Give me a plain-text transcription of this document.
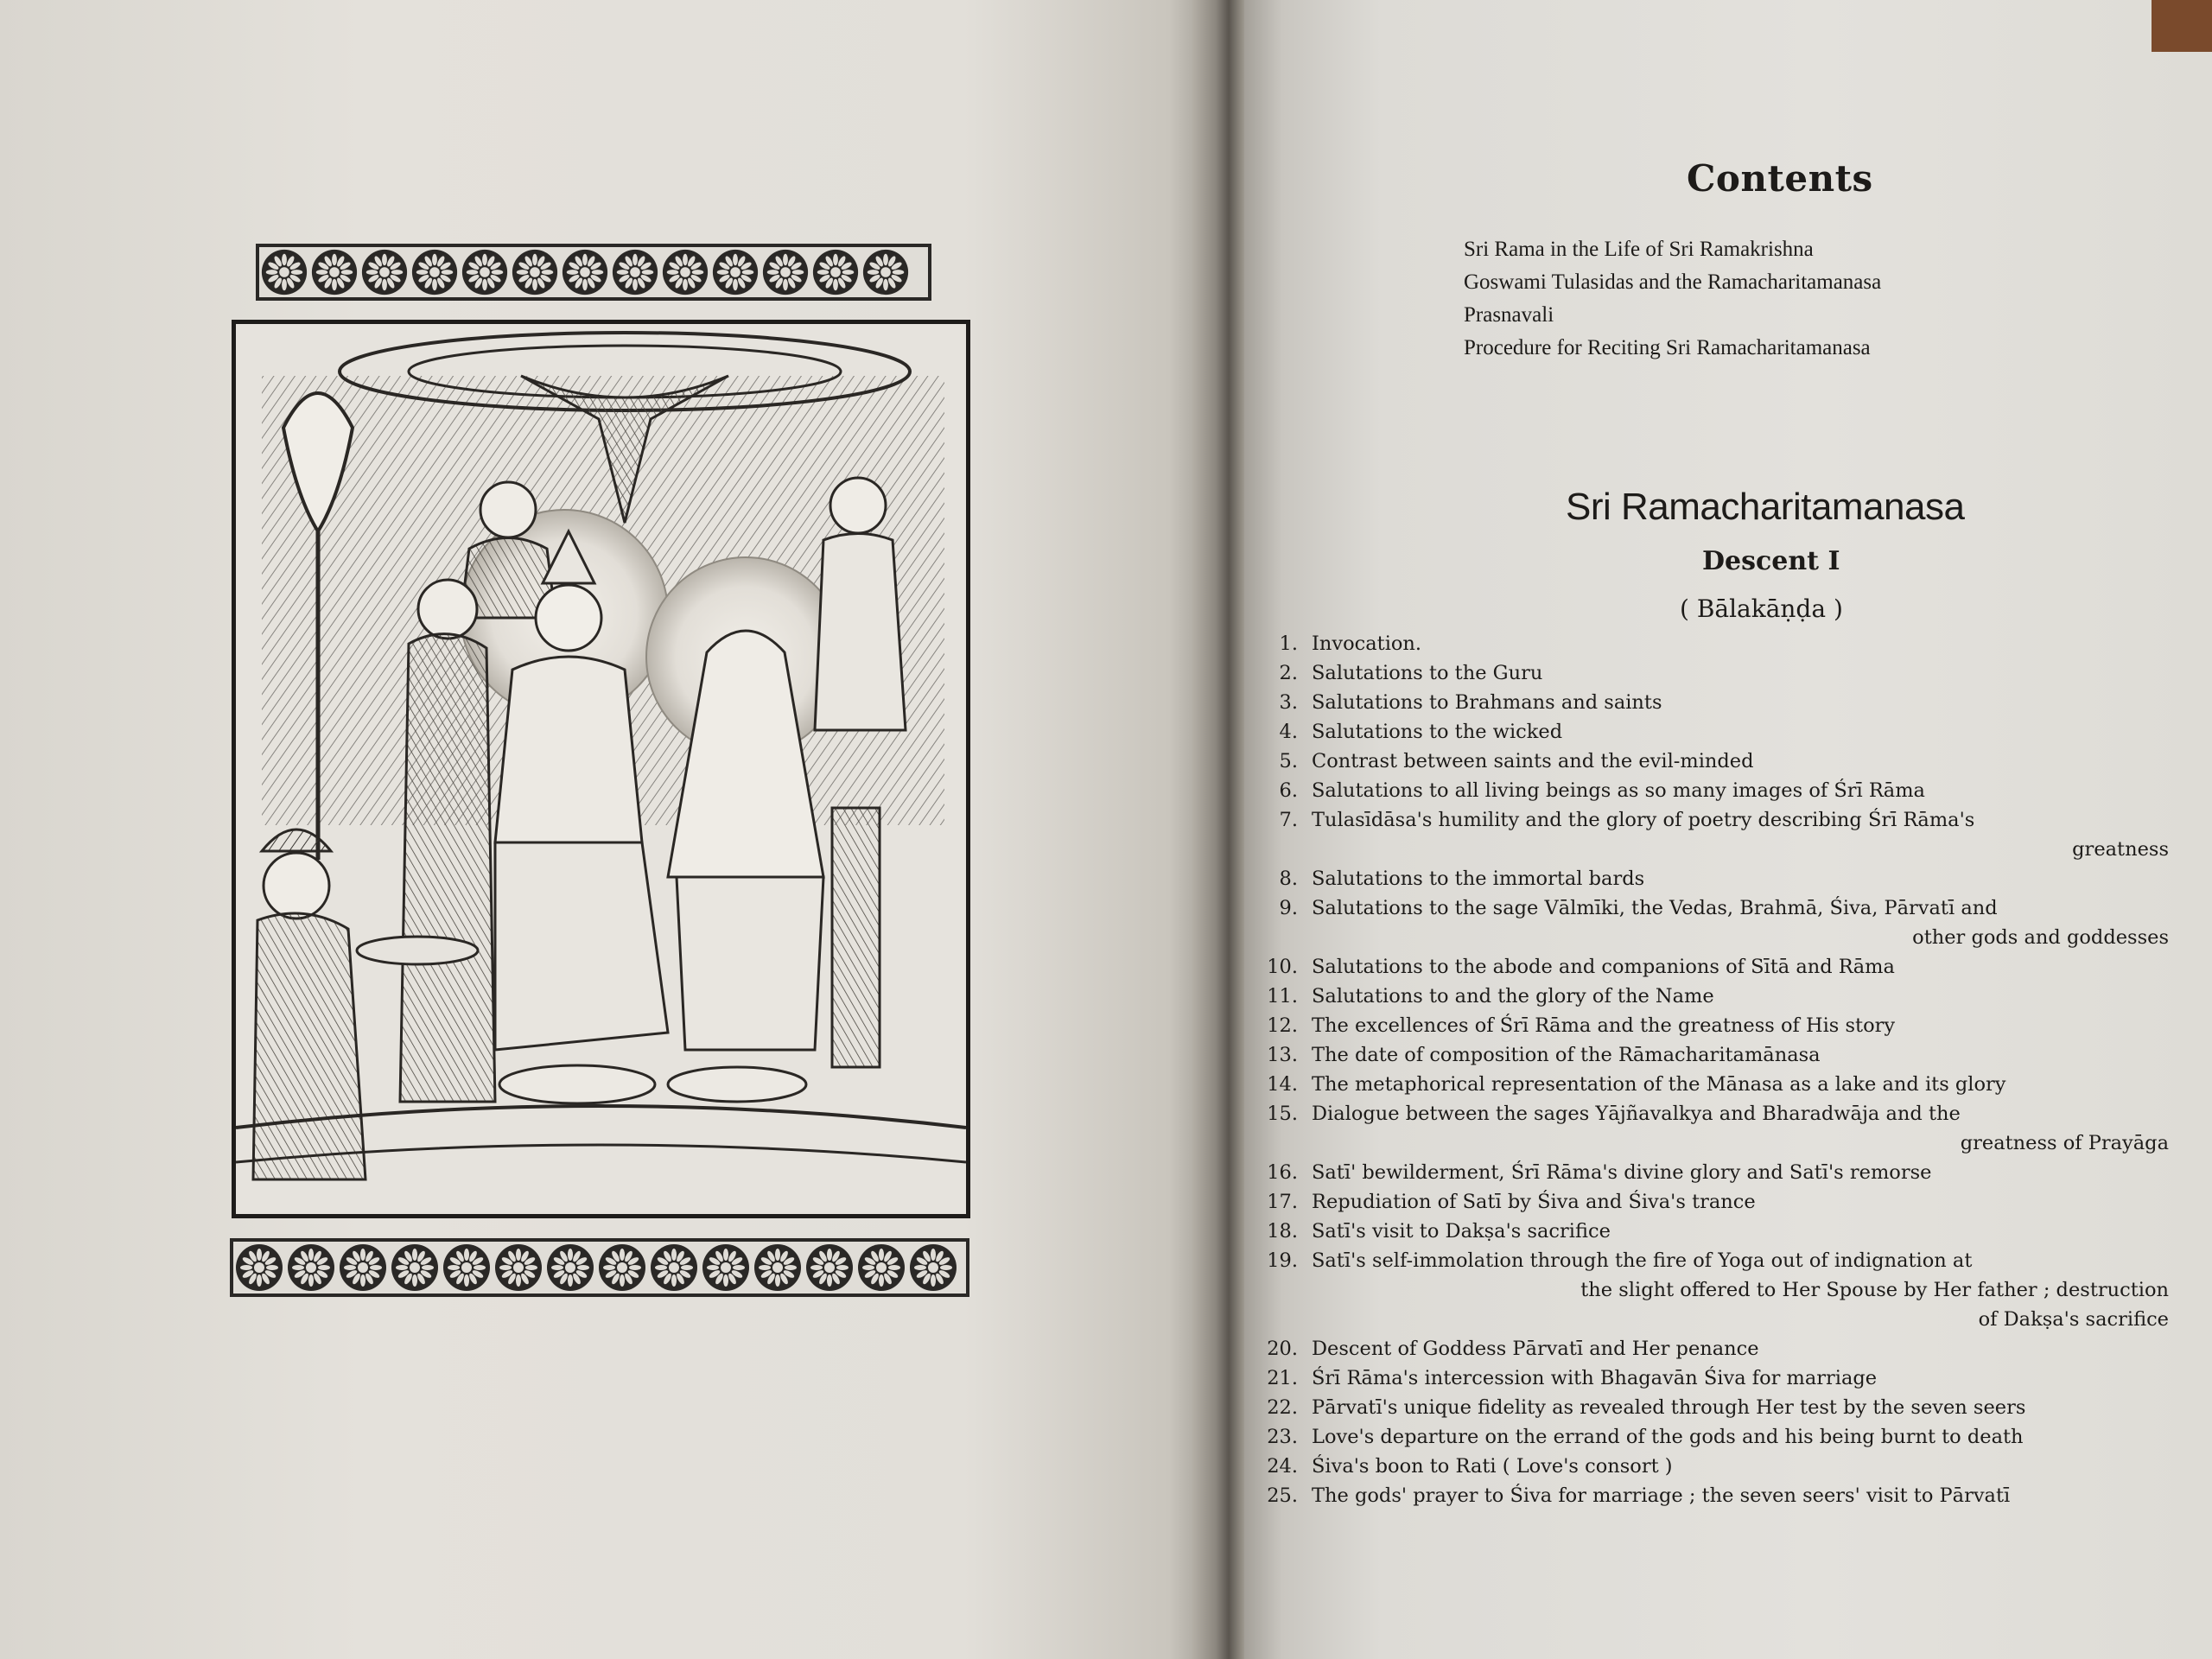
Contents
Sri Rama in the Life of Sri Ramakrishna
Goswami Tulasidas and the Ramacharitamanasa
Prasnavali
Procedure for Reciting Sri Ramacharitamanasa
Sri Ramacharitamanasa
Descent I
( Bālakāṇḍa )
1. Invocation.
2. Salutations to the Guru
3. Salutations to Brahmans and saints
4. Salutations to the wicked
5. Contrast between saints and the evil-minded
6. Salutations to all living beings as so many images of Śrī Rāma
7. Tulasīdāsa's humility and the glory of poetry describing Śrī Rāma's
greatness
8. Salutations to the immortal bards
9. Salutations to the sage Vālmīki, the Vedas, Brahmā, Śiva, Pārvatī and
other gods and goddesses
10. Salutations to the abode and companions of Sītā and Rāma
11. Salutations to and the glory of the Name
12. The excellences of Śrī Rāma and the greatness of His story
13. The date of composition of the Rāmacharitamānasa
14. The metaphorical representation of the Mānasa as a lake and its glory
15. Dialogue between the sages Yājñavalkya and Bharadwāja and the
greatness of Prayāga
16. Satī' bewilderment, Śrī Rāma's divine glory and Satī's remorse
17. Repudiation of Satī by Śiva and Śiva's trance
18. Satī's visit to Dakṣa's sacrifice
19. Satī's self-immolation through the fire of Yoga out of indignation at
the slight offered to Her Spouse by Her father ; destruction
of Dakṣa's sacrifice
20. Descent of Goddess Pārvatī and Her penance
21. Śrī Rāma's intercession with Bhagavān Śiva for marriage
22. Pārvatī's unique fidelity as revealed through Her test by the seven seers
23. Love's departure on the errand of the gods and his being burnt to death
24. Śiva's boon to Rati ( Love's consort )
25. The gods' prayer to Śiva for marriage ; the seven seers' visit to Pārvatī
